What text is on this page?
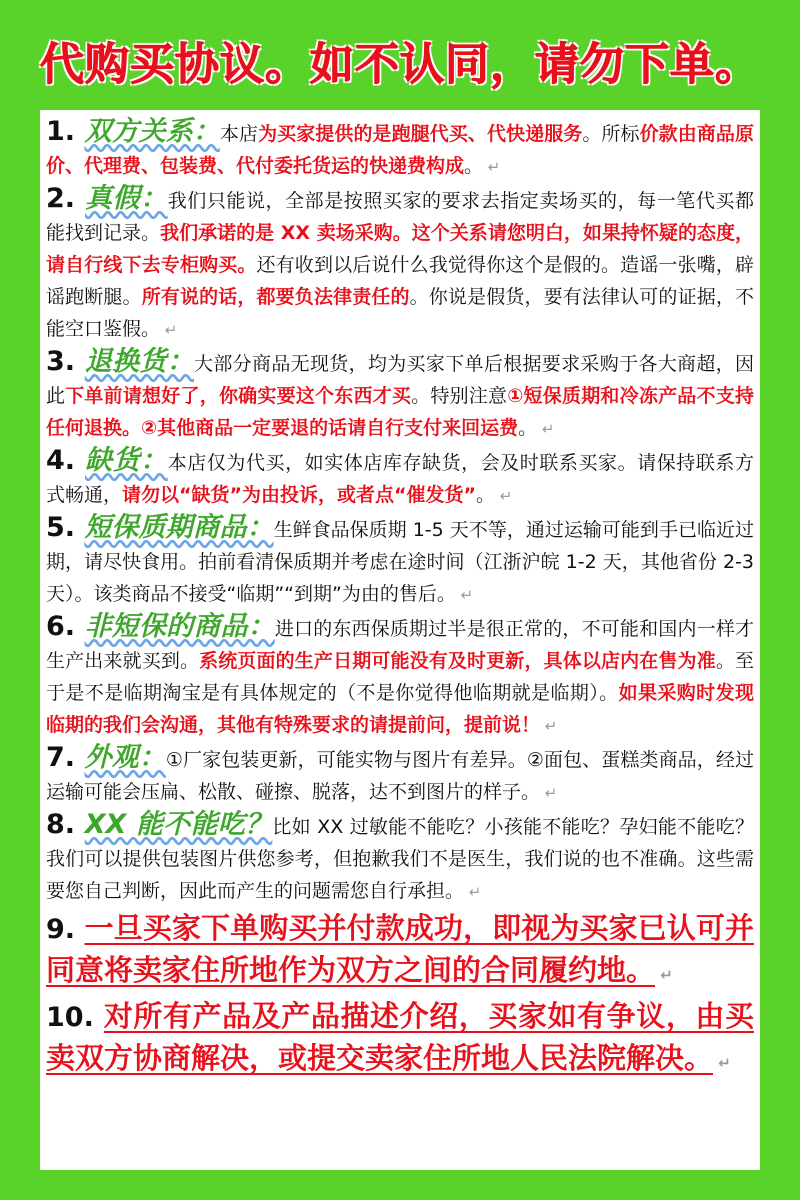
代购买协议。如不认同，请勿下单。

1. 双方关系：本店为买家提供的是跑腿代买、代快递服务。所标价款由商品原价、代理费、包装费、代付委托货运的快递费构成。 ↵

2. 真假：我们只能说，全部是按照买家的要求去指定卖场买的，每一笔代买都能找到记录。我们承诺的是 XX 卖场采购。这个关系请您明白，如果持怀疑的态度，请自行线下去专柜购买。还有收到以后说什么我觉得你这个是假的。造谣一张嘴，辟谣跑断腿。所有说的话，都要负法律责任的。你说是假货，要有法律认可的证据，不能空口鉴假。 ↵

3. 退换货：大部分商品无现货，均为买家下单后根据要求采购于各大商超，因此下单前请想好了，你确实要这个东西才买。特别注意①短保质期和冷冻产品不支持任何退换。②其他商品一定要退的话请自行支付来回运费。 ↵

4. 缺货：本店仅为代买，如实体店库存缺货，会及时联系买家。请保持联系方式畅通，请勿以“缺货”为由投诉，或者点“催发货”。 ↵

5. 短保质期商品：生鲜食品保质期 1-5 天不等，通过运输可能到手已临近过期，请尽快食用。拍前看清保质期并考虑在途时间（江浙沪皖 1-2 天，其他省份 2-3 天）。该类商品不接受“临期”“到期”为由的售后。 ↵

6. 非短保的商品：进口的东西保质期过半是很正常的，不可能和国内一样才生产出来就买到。系统页面的生产日期可能没有及时更新，具体以店内在售为准。至于是不是临期淘宝是有具体规定的（不是你觉得他临期就是临期）。如果采购时发现临期的我们会沟通，其他有特殊要求的请提前问，提前说！ ↵

7. 外观：①厂家包装更新，可能实物与图片有差异。②面包、蛋糕类商品，经过运输可能会压扁、松散、碰擦、脱落，达不到图片的样子。 ↵

8. XX 能不能吃？比如 XX 过敏能不能吃？小孩能不能吃？孕妇能不能吃？我们可以提供包装图片供您参考，但抱歉我们不是医生，我们说的也不准确。这些需要您自己判断，因此而产生的问题需您自行承担。 ↵

9. 一旦买家下单购买并付款成功，即视为买家已认可并同意将卖家住所地作为双方之间的合同履约地。 ↵

10. 对所有产品及产品描述介绍，买家如有争议，由买卖双方协商解决，或提交卖家住所地人民法院解决。 ↵
